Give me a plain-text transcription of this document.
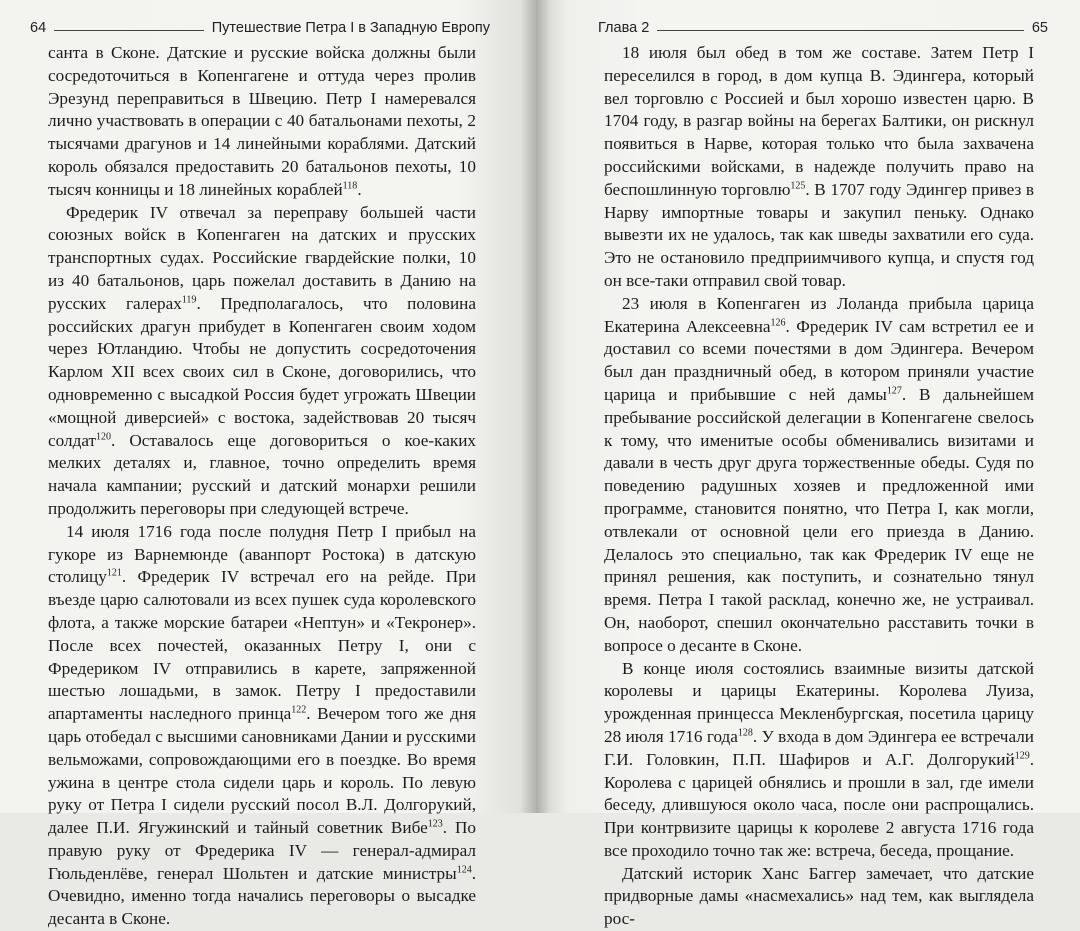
64	Путешествие Петра I в Западную Европу

санта в Сконе. Датские и русские войска должны были сосредоточиться в Копенгагене и оттуда через пролив Эрезунд переправиться в Швецию. Петр I намеревался лично участвовать в операции с 40 батальонами пехоты, 2 тысячами драгунов и 14 линейными кораблями. Датский король обязался предоставить 20 батальонов пехоты, 10 тысяч конницы и 18 линейных кораблей$^{118}$.

Фредерик IV отвечал за переправу большей части союзных войск в Копенгаген на датских и прусских транспортных судах. Российские гвардейские полки, 10 из 40 батальонов, царь пожелал доставить в Данию на русских галерах$^{119}$. Предполагалось, что половина российских драгун прибудет в Копенгаген своим ходом через Ютландию. Чтобы не допустить сосредоточения Карлом XII всех своих сил в Сконе, договорились, что одновременно с высадкой Россия будет угрожать Швеции «мощной диверсией» с востока, задействовав 20 тысяч солдат$^{120}$. Оставалось еще договориться о кое-каких мелких деталях и, главное, точно определить время начала кампании; русский и датский монархи решили продолжить переговоры при следующей встрече.

14 июля 1716 года после полудня Петр I прибыл на гукоре из Варнемюнде (аванпорт Ростока) в датскую столицу$^{121}$. Фредерик IV встречал его на рейде. При въезде царю салютовали из всех пушек суда королевского флота, а также морские батареи «Нептун» и «Текронер». После всех почестей, оказанных Петру I, они с Фредериком IV отправились в карете, запряженной шестью лошадьми, в замок. Петру I предоставили апартаменты наследного принца$^{122}$. Вечером того же дня царь отобедал с высшими сановниками Дании и русскими вельможами, сопровождающими его в поездке. Во время ужина в центре стола сидели царь и король. По левую руку от Петра I сидели русский посол В.Л. Долгорукий, далее П.И. Ягужинский и тайный советник Вибе$^{123}$. По правую руку от Фредерика IV — генерал-адмирал Гюльденлёве, генерал Шольтен и датские министры$^{124}$. Очевидно, именно тогда начались переговоры о высадке десанта в Сконе.

Глава 2	65

18 июля был обед в том же составе. Затем Петр I переселился в город, в дом купца В. Эдингера, который вел торговлю с Россией и был хорошо известен царю. В 1704 году, в разгар войны на берегах Балтики, он рискнул появиться в Нарве, которая только что была захвачена российскими войсками, в надежде получить право на беспошлинную торговлю$^{125}$. В 1707 году Эдингер привез в Нарву импортные товары и закупил пеньку. Однако вывезти их не удалось, так как шведы захватили его суда. Это не остановило предприимчивого купца, и спустя год он все-таки отправил свой товар.

23 июля в Копенгаген из Лоланда прибыла царица Екатерина Алексеевна$^{126}$. Фредерик IV сам встретил ее и доставил со всеми почестями в дом Эдингера. Вечером был дан праздничный обед, в котором приняли участие царица и прибывшие с ней дамы$^{127}$. В дальнейшем пребывание российской делегации в Копенгагене свелось к тому, что именитые особы обменивались визитами и давали в честь друг друга торжественные обеды. Судя по поведению радушных хозяев и предложенной ими программе, становится понятно, что Петра I, как могли, отвлекали от основной цели его приезда в Данию. Делалось это специально, так как Фредерик IV еще не принял решения, как поступить, и сознательно тянул время. Петра I такой расклад, конечно же, не устраивал. Он, наоборот, спешил окончательно расставить точки в вопросе о десанте в Сконе.

В конце июля состоялись взаимные визиты датской королевы и царицы Екатерины. Королева Луиза, урожденная принцесса Мекленбургская, посетила царицу 28 июля 1716 года$^{128}$. У входа в дом Эдингера ее встречали Г.И. Головкин, П.П. Шафиров и А.Г. Долгорукий$^{129}$. Королева с царицей обнялись и прошли в зал, где имели беседу, длившуюся около часа, после они распрощались. При контрвизите царицы к королеве 2 августа 1716 года все проходило точно так же: встреча, беседа, прощание.

Датский историк Ханс Баггер замечает, что датские придворные дамы «насмехались» над тем, как выглядела рос-
